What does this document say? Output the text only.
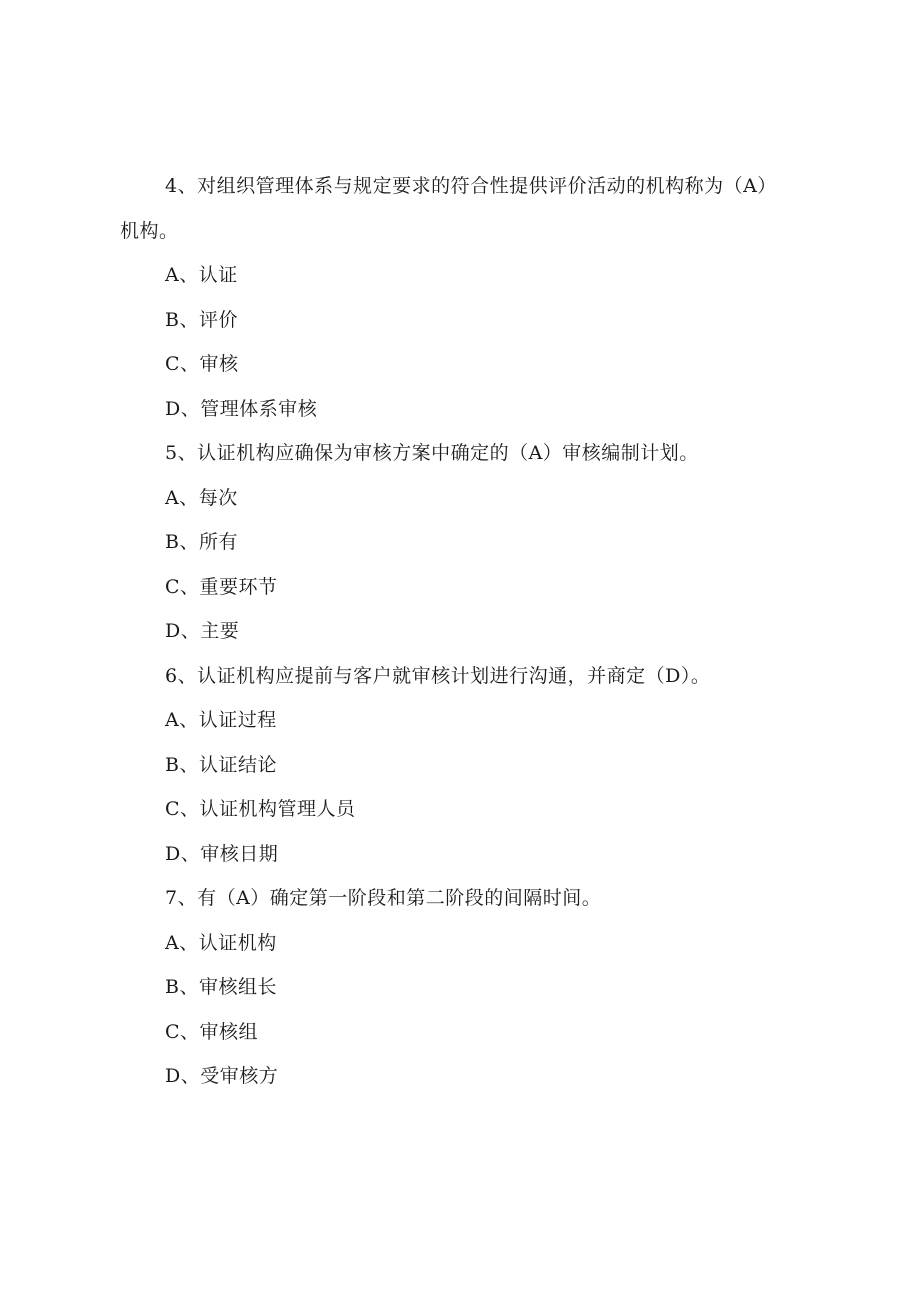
4、对组织管理体系与规定要求的符合性提供评价活动的机构称为（A）
机构。
A、认证
B、评价
C、审核
D、管理体系审核
5、认证机构应确保为审核方案中确定的（A）审核编制计划。
A、每次
B、所有
C、重要环节
D、主要
6、认证机构应提前与客户就审核计划进行沟通，并商定（D）。
A、认证过程
B、认证结论
C、认证机构管理人员
D、审核日期
7、有（A）确定第一阶段和第二阶段的间隔时间。
A、认证机构
B、审核组长
C、审核组
D、受审核方
